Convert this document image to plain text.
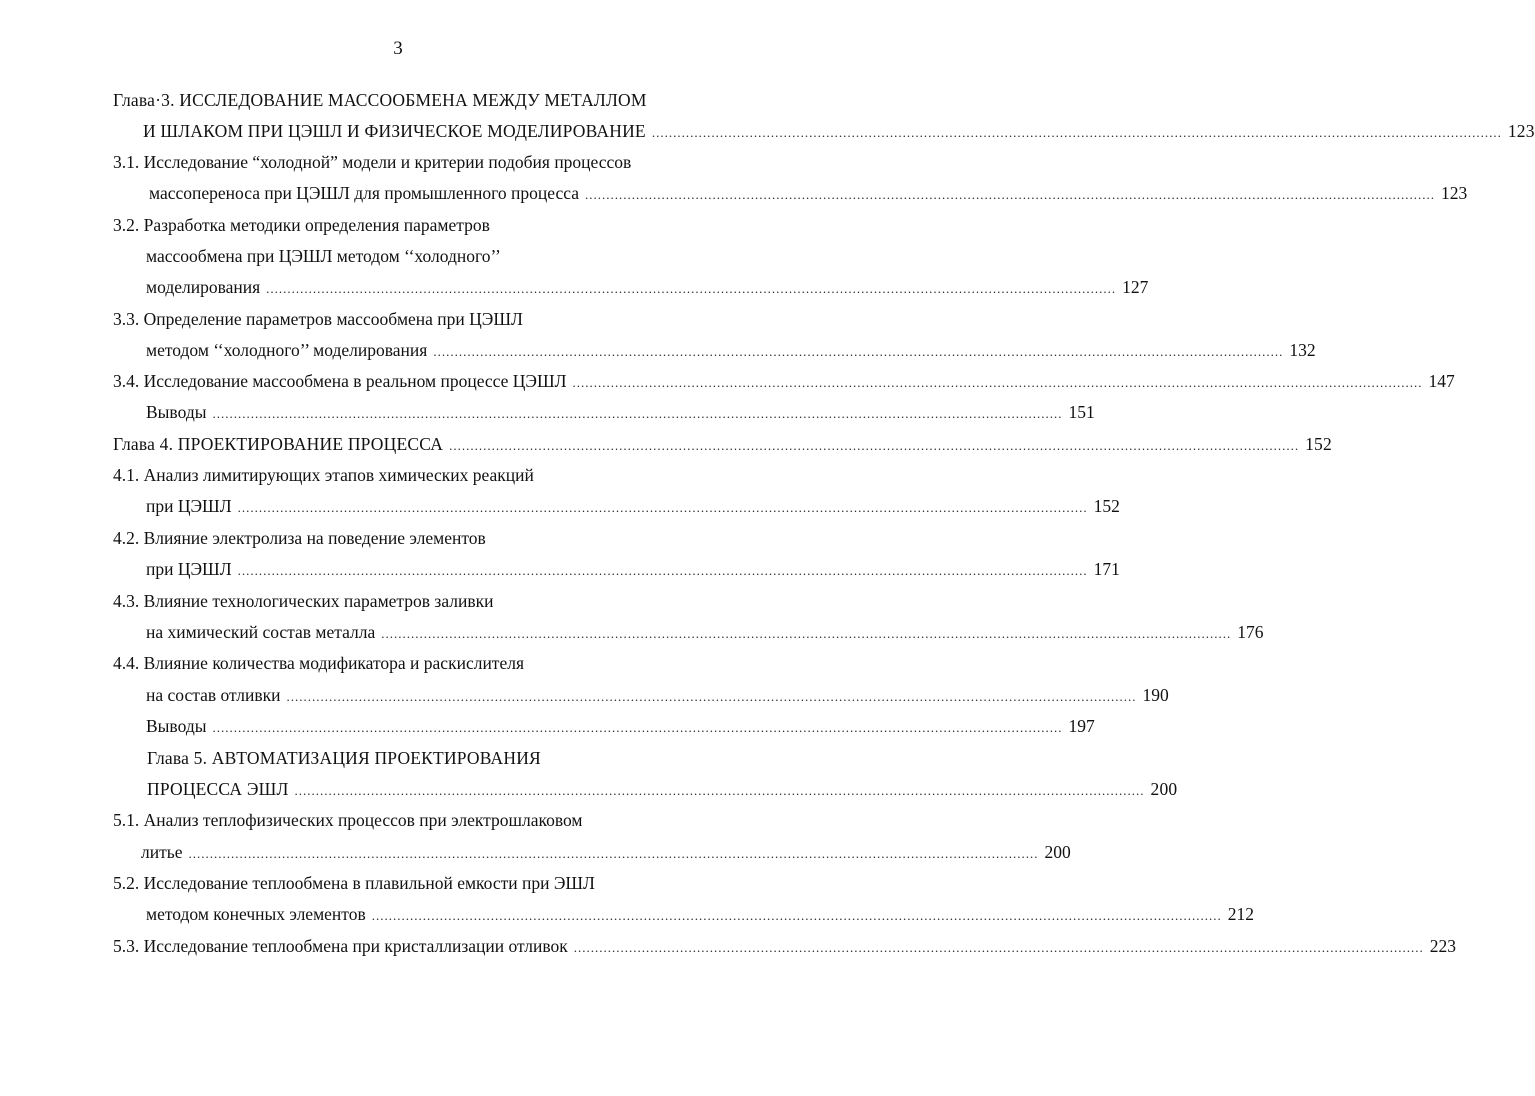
3
Глава·3. ИССЛЕДОВАНИЕ МАССООБМЕНА МЕЖДУ МЕТАЛЛОМ
И ШЛАКОМ ПРИ ЦЭШЛ И ФИЗИЧЕСКОЕ МОДЕЛИРОВАНИЕ ........................................................................................................................................................................................................ 123
3.1. Исследование “холодной” модели и критерии подобия процессов
массопереноса при ЦЭШЛ для промышленного процесса ........................................................................................................................................................................................................ 123
3.2. Разработка методики определения параметров
массообмена при ЦЭШЛ методом ‘‘холодного’’
моделирования ........................................................................................................................................................................................................ 127
3.3. Определение параметров массообмена при ЦЭШЛ
методом ‘‘холодного’’ моделирования ........................................................................................................................................................................................................ 132
3.4. Исследование массообмена в реальном процессе ЦЭШЛ ........................................................................................................................................................................................................ 147
Выводы ........................................................................................................................................................................................................ 151
Глава 4. ПРОЕКТИРОВАНИЕ ПРОЦЕССА ........................................................................................................................................................................................................ 152
4.1. Анализ лимитирующих этапов химических реакций
при ЦЭШЛ ........................................................................................................................................................................................................ 152
4.2. Влияние электролиза на поведение элементов
при ЦЭШЛ ........................................................................................................................................................................................................ 171
4.3. Влияние технологических параметров заливки
на химический состав металла ........................................................................................................................................................................................................ 176
4.4. Влияние количества модификатора и раскислителя
на состав отливки ........................................................................................................................................................................................................ 190
Выводы ........................................................................................................................................................................................................ 197
Глава 5. АВТОМАТИЗАЦИЯ ПРОЕКТИРОВАНИЯ
ПРОЦЕССА ЭШЛ ........................................................................................................................................................................................................ 200
5.1. Анализ теплофизических процессов при электрошлаковом
литье ........................................................................................................................................................................................................ 200
5.2. Исследование теплообмена в плавильной емкости при ЭШЛ
методом конечных элементов ........................................................................................................................................................................................................ 212
5.3. Исследование теплообмена при кристаллизации отливок ........................................................................................................................................................................................................ 223
